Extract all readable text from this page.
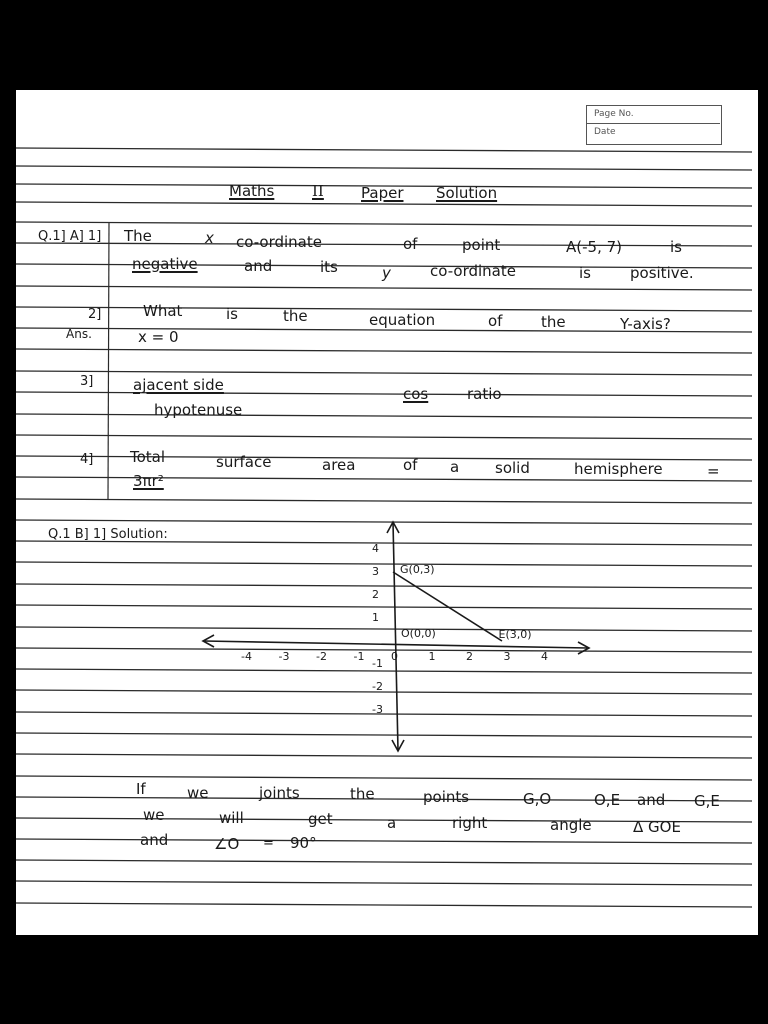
Page No.
Date
Maths	II Paper Solution
Q.1] A] 1] The	x co-ordinate	of	point	A(-5, 7)	is
negative	and	its	y	co-ordinate	is	positive.
2]	What	is	the	equation	of	the	Y-axis?
Ans.	x = 0
3]	ajacent side	cos	ratio
hypotenuse
4] Total	surface	area	of a solid	hemisphere	=
3πr²
Q.1 B] 1] Solution:
-4 -3 -2 -1 0	1	2	3	4
4
3
2
1
-1
-2
-3
G(0,3)
O(0,0)	E(3,0)
If	we	joints	the	points	G,O	O,E and G,E
we	will	get	a	right	angle	Δ GOE
and	∠O = 90°
